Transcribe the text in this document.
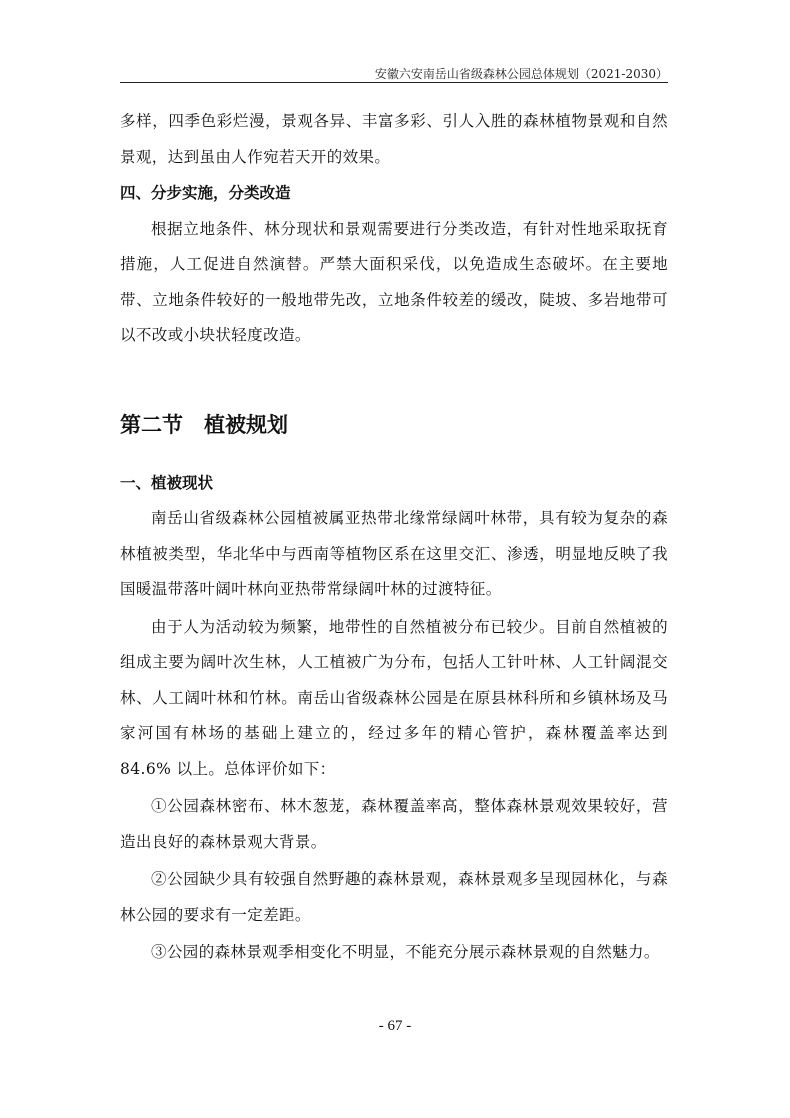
安徽六安南岳山省级森林公园总体规划（2021-2030）

多样，四季色彩烂漫，景观各异、丰富多彩、引人入胜的森林植物景观和自然景观，达到虽由人作宛若天开的效果。

四、分步实施，分类改造

根据立地条件、林分现状和景观需要进行分类改造，有针对性地采取抚育措施，人工促进自然演替。严禁大面积采伐，以免造成生态破坏。在主要地带、立地条件较好的一般地带先改，立地条件较差的缓改，陡坡、多岩地带可以不改或小块状轻度改造。

第二节　植被规划
一、植被现状

南岳山省级森林公园植被属亚热带北缘常绿阔叶林带，具有较为复杂的森林植被类型，华北华中与西南等植物区系在这里交汇、渗透，明显地反映了我国暖温带落叶阔叶林向亚热带常绿阔叶林的过渡特征。

由于人为活动较为频繁，地带性的自然植被分布已较少。目前自然植被的组成主要为阔叶次生林，人工植被广为分布，包括人工针叶林、人工针阔混交林、人工阔叶林和竹林。南岳山省级森林公园是在原县林科所和乡镇林场及马家河国有林场的基础上建立的，经过多年的精心管护，森林覆盖率达到 84.6% 以上。总体评价如下：

①公园森林密布、林木葱茏，森林覆盖率高，整体森林景观效果较好，营造出良好的森林景观大背景。

②公园缺少具有较强自然野趣的森林景观，森林景观多呈现园林化，与森林公园的要求有一定差距。

③公园的森林景观季相变化不明显，不能充分展示森林景观的自然魅力。

- 67 -
